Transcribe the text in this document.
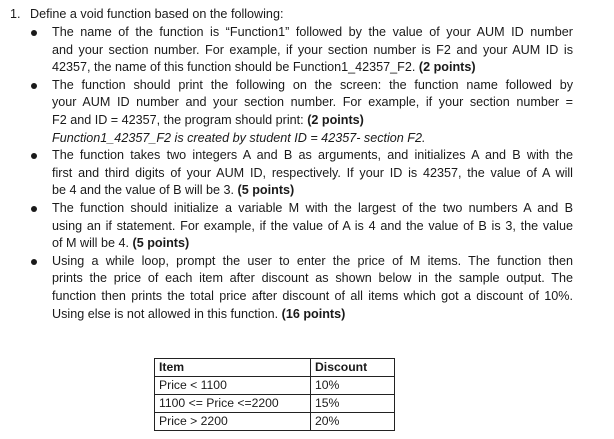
1. Define a void function based on the following:
The name of the function is “Function1” followed by the value of your AUM ID number
and your section number. For example, if your section number is F2 and your AUM ID is
42357, the name of this function should be Function1_42357_F2. (2 points)
The function should print the following on the screen: the function name followed by
your AUM ID number and your section number. For example, if your section number =
F2 and ID = 42357, the program should print: (2 points)
Function1_42357_F2 is created by student ID = 42357- section F2.
The function takes two integers A and B as arguments, and initializes A and B with the
first and third digits of your AUM ID, respectively. If your ID is 42357, the value of A will
be 4 and the value of B will be 3. (5 points)
The function should initialize a variable M with the largest of the two numbers A and B
using an if statement. For example, if the value of A is 4 and the value of B is 3, the value
of M will be 4. (5 points)
Using a while loop, prompt the user to enter the price of M items. The function then
prints the price of each item after discount as shown below in the sample output. The
function then prints the total price after discount of all items which got a discount of 10%.
Using else is not allowed in this function. (16 points)
Item	Discount
Price < 1100	10%
1100 <= Price <=2200	15%
Price > 2200	20%
